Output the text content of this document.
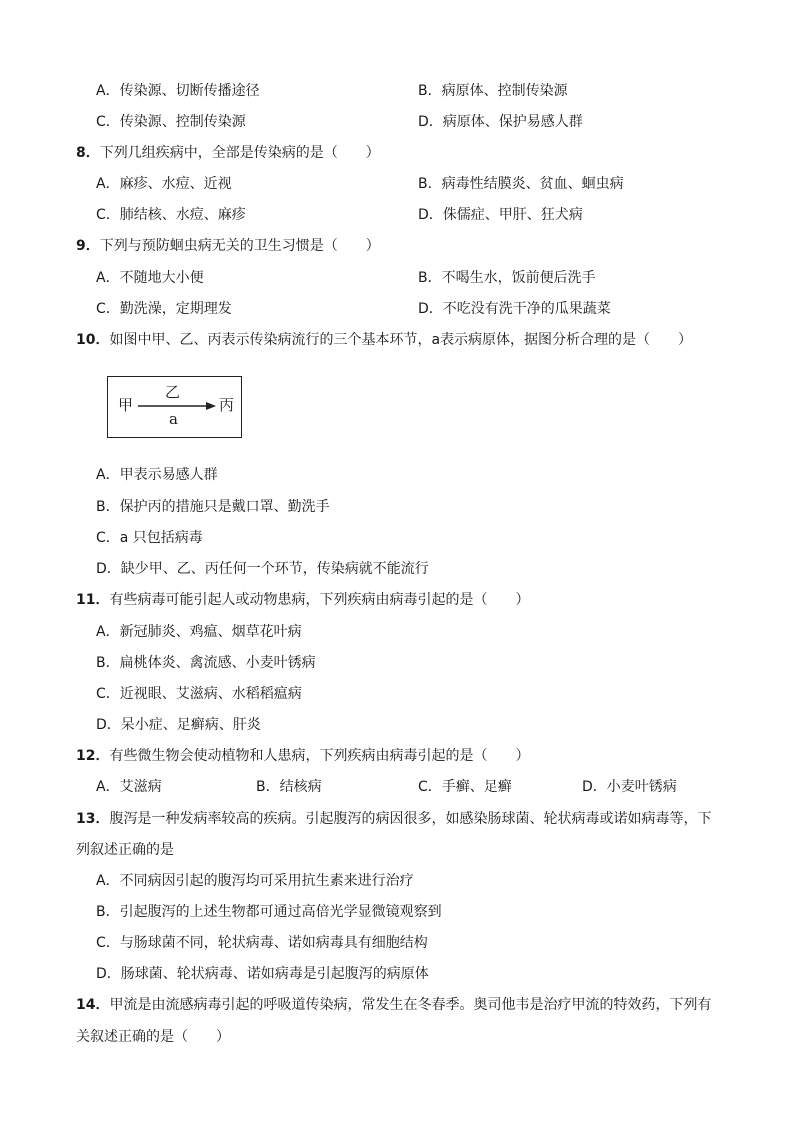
A．传染源、切断传播途径	B．病原体、控制传染源
C．传染源、控制传染源	D．病原体、保护易感人群
8．下列几组疾病中，全部是传染病的是（　　）
A．麻疹、水痘、近视	B．病毒性结膜炎、贫血、蛔虫病
C．肺结核、水痘、麻疹	D．侏儒症、甲肝、狂犬病
9．下列与预防蛔虫病无关的卫生习惯是（　　）
A．不随地大小便	B．不喝生水，饭前便后洗手
C．勤洗澡，定期理发	D．不吃没有洗干净的瓜果蔬菜
10．如图中甲、乙、丙表示传染病流行的三个基本环节，a表示病原体，据图分析合理的是（　　）
甲
乙
a
丙
A．甲表示易感人群
B．保护丙的措施只是戴口罩、勤洗手
C．a 只包括病毒
D．缺少甲、乙、丙任何一个环节，传染病就不能流行
11．有些病毒可能引起人或动物患病，下列疾病由病毒引起的是（　　）
A．新冠肺炎、鸡瘟、烟草花叶病
B．扁桃体炎、禽流感、小麦叶锈病
C．近视眼、艾滋病、水稻稻瘟病
D．呆小症、足癣病、肝炎
12．有些微生物会使动植物和人患病，下列疾病由病毒引起的是（　　）
A．艾滋病	B．结核病	C．手癣、足癣	D．小麦叶锈病
13．腹泻是一种发病率较高的疾病。引起腹泻的病因很多，如感染肠球菌、轮状病毒或诺如病毒等，下
列叙述正确的是
A．不同病因引起的腹泻均可采用抗生素来进行治疗
B．引起腹泻的上述生物都可通过高倍光学显微镜观察到
C．与肠球菌不同，轮状病毒、诺如病毒具有细胞结构
D．肠球菌、轮状病毒、诺如病毒是引起腹泻的病原体
14．甲流是由流感病毒引起的呼吸道传染病，常发生在冬春季。奥司他韦是治疗甲流的特效药，下列有
关叙述正确的是（　　）
